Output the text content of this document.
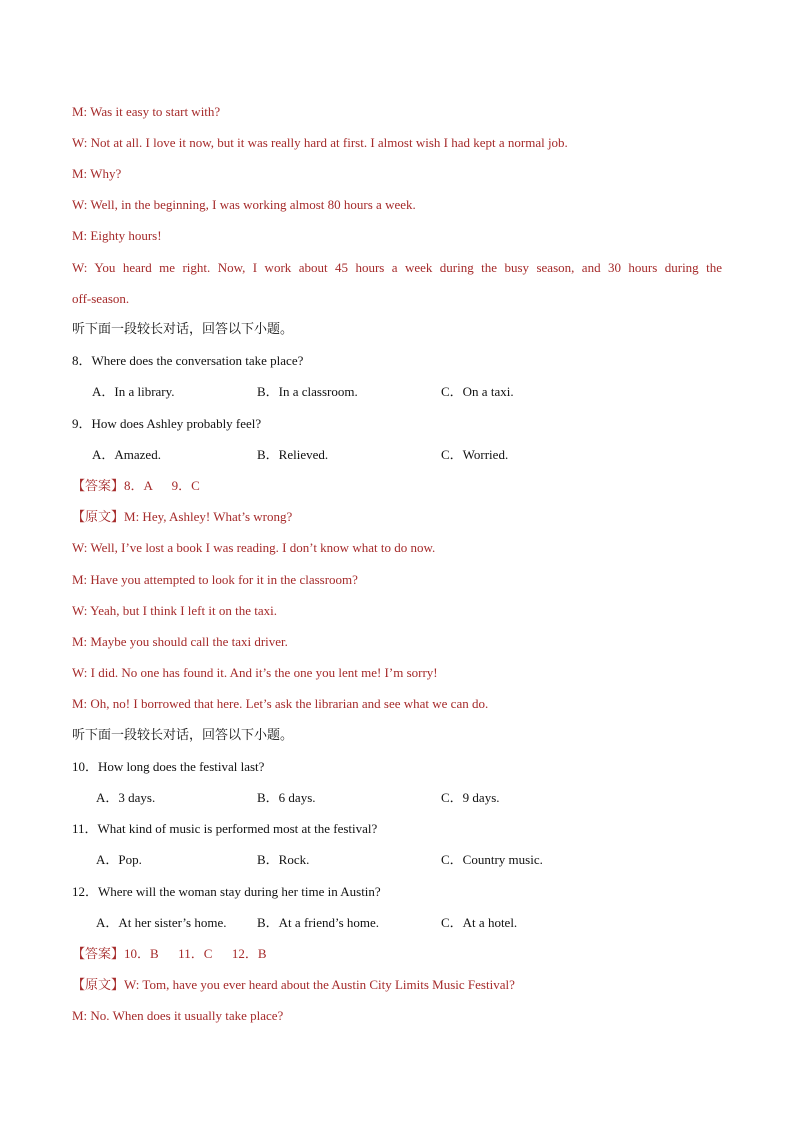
M: Was it easy to start with?
W: Not at all. I love it now, but it was really hard at first. I almost wish I had kept a normal job.
M: Why?
W: Well, in the beginning, I was working almost 80 hours a week.
M: Eighty hours!
W: You heard me right. Now, I work about 45 hours a week during the busy season, and 30 hours during the
off-season.
听下面一段较长对话，回答以下小题。
8．Where does the conversation take place?
A．In a library.	B．In a classroom.	C．On a taxi.
9．How does Ashley probably feel?
A．Amazed.	B．Relieved.	C．Worried.
【答案】8．A      9．C
【原文】M: Hey, Ashley! What’s wrong?
W: Well, I’ve lost a book I was reading. I don’t know what to do now.
M: Have you attempted to look for it in the classroom?
W: Yeah, but I think I left it on the taxi.
M: Maybe you should call the taxi driver.
W: I did. No one has found it. And it’s the one you lent me! I’m sorry!
M: Oh, no! I borrowed that here. Let’s ask the librarian and see what we can do.
听下面一段较长对话，回答以下小题。
10．How long does the festival last?
A．3 days.	B．6 days.	C．9 days.
11．What kind of music is performed most at the festival?
A．Pop.	B．Rock.	C．Country music.
12．Where will the woman stay during her time in Austin?
A．At her sister’s home. B．At a friend’s home.	C．At a hotel.
【答案】10．B      11．C      12．B
【原文】W: Tom, have you ever heard about the Austin City Limits Music Festival?
M: No. When does it usually take place?
